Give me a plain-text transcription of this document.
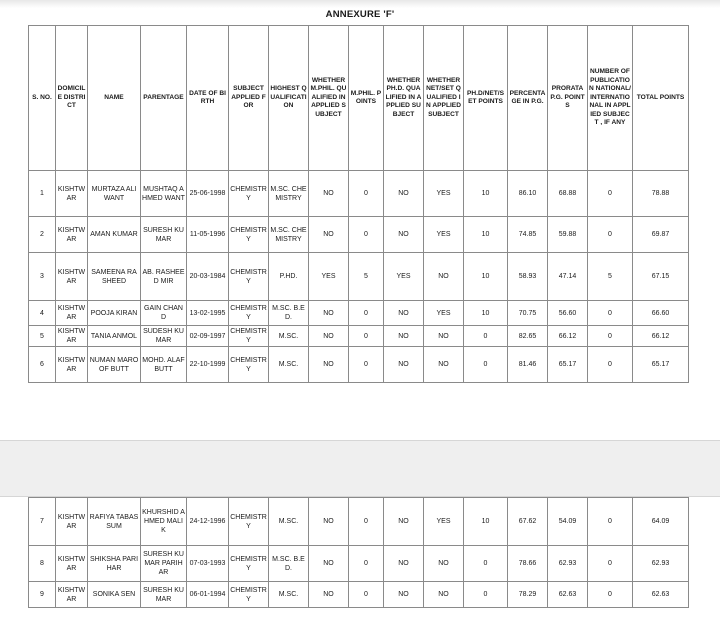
ANNEXURE 'F'
S. NO.	DOMICILE DISTRICT	NAME	PARENTAGE	DATE OF BIRTH	SUBJECT APPLIED FOR	HIGHEST QUALIFICATION	WHETHER M.PHIL. QUALIFIED IN APPLIED SUBJECT	M.PHIL. POINTS	WHETHER PH.D. QUALIFIED IN APPLIED SUBJECT	WHETHER NET/SET QUALIFIED IN APPLIED SUBJECT	PH.D/NET/SET POINTS	PERCENTAGE IN P.G.	PRORATA P.G. POINTS	NUMBER OF PUBLICATION NATIONAL/INTERNATIONAL IN APPLIED SUBJECT , IF ANY	TOTAL POINTS
1	KISHTWAR	MURTAZA ALI WANT	MUSHTAQ AHMED WANT	25-06-1998	CHEMISTRY	M.SC. CHEMISTRY	NO	0	NO	YES	10	86.10	68.88	0	78.88
2	KISHTWAR	AMAN KUMAR	SURESH KUMAR	11-05-1996	CHEMISTRY	M.SC. CHEMISTRY	NO	0	NO	YES	10	74.85	59.88	0	69.87
3	KISHTWAR	SAMEENA RASHEED	AB. RASHEED MIR	20-03-1984	CHEMISTRY	P.HD.	YES	5	YES	NO	10	58.93	47.14	5	67.15
4	KISHTWAR	POOJA KIRAN	GAIN CHAND	13-02-1995	CHEMISTRY	M.SC. B.ED.	NO	0	NO	YES	10	70.75	56.60	0	66.60
5	KISHTWAR	TANIA ANMOL	SUDESH KUMAR	02-09-1997	CHEMISTRY	M.SC.	NO	0	NO	NO	0	82.65	66.12	0	66.12
6	KISHTWAR	NUMAN MAROOF BUTT	MOHD. ALAF BUTT	22-10-1999	CHEMISTRY	M.SC.	NO	0	NO	NO	0	81.46	65.17	0	65.17
7	KISHTWAR	RAFIYA TABASSUM	KHURSHID AHMED MALIK	24-12-1996	CHEMISTRY	M.SC.	NO	0	NO	YES	10	67.62	54.09	0	64.09
8	KISHTWAR	SHIKSHA PARIHAR	SURESH KUMAR PARIHAR	07-03-1993	CHEMISTRY	M.SC. B.ED.	NO	0	NO	NO	0	78.66	62.93	0	62.93
9	KISHTWAR	SONIKA SEN	SURESH KUMAR	06-01-1994	CHEMISTRY	M.SC.	NO	0	NO	NO	0	78.29	62.63	0	62.63
